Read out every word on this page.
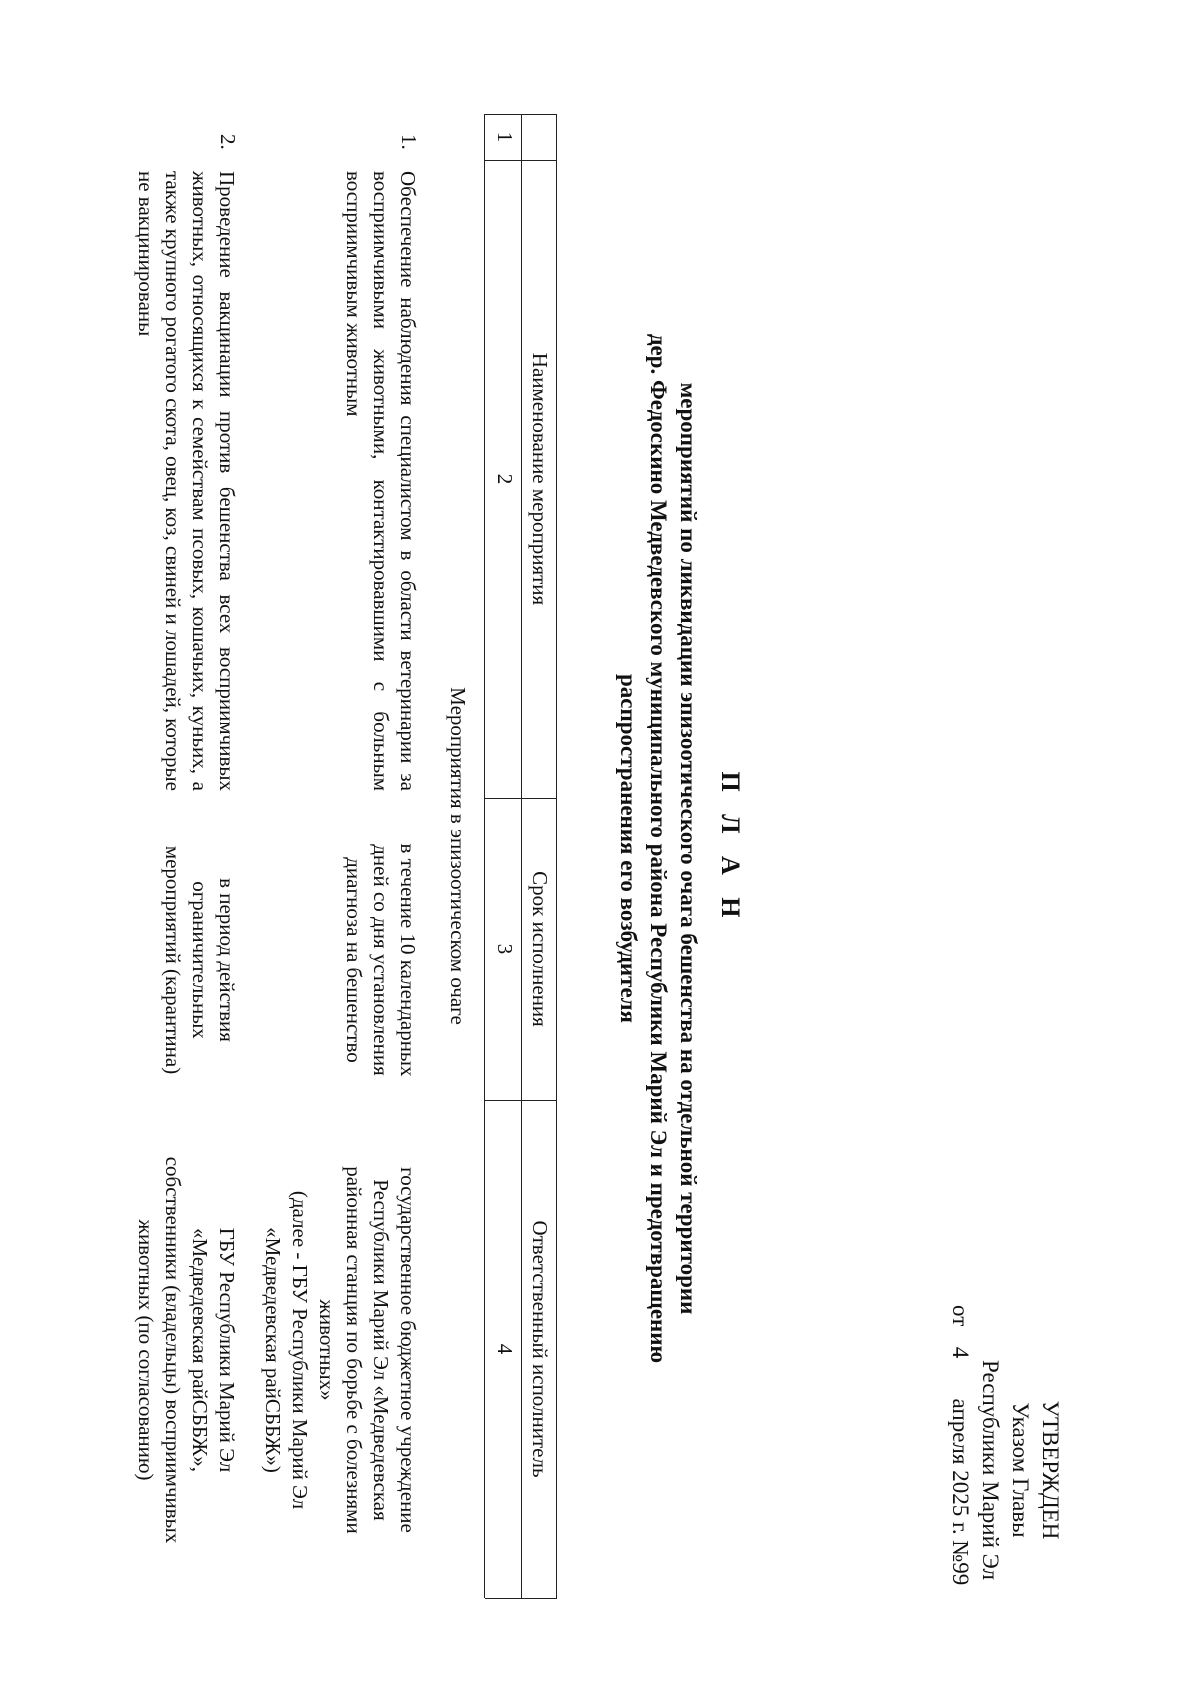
УТВЕРЖДЕН
Указом Главы
Республики Марий Эл
от 4 апреля 2025 г. №99
П Л А Н
мероприятий по ликвидации эпизоотического очага бешенства на отдельной территории
дер. Федоскино Медведевского муниципального района Республики Марий Эл и предотвращению
распространения его возбудителя
Наименование мероприятия
Срок исполнения
Ответственный исполнитель
1
2
3
4
Мероприятия в эпизоотическом очаге
1.
Обеспечение наблюдения специалистом в области ветеринарии за восприимчивыми животными, контактировавшими с больным восприимчивым животным
в течение 10 календарных дней со дня установления диагноза на бешенство
государственное бюджетное учреждение
Республики Марий Эл «Медведевская
районная станция по борьбе с болезнями
животных»
(далее - ГБУ Республики Марий Эл
«Медведевская райСББЖ»)
2.
Проведение вакцинации против бешенства всех восприимчивых животных, относящихся к семействам псовых, кошачьих, куньих, а также крупного рогатого скота, овец, коз, свиней и лошадей, которые не вакцинированы
в период действия ограничительных мероприятий (карантина)
ГБУ Республики Марий Эл
«Медведевская райСББЖ»,
собственники (владельцы) восприимчивых
животных (по согласованию)
